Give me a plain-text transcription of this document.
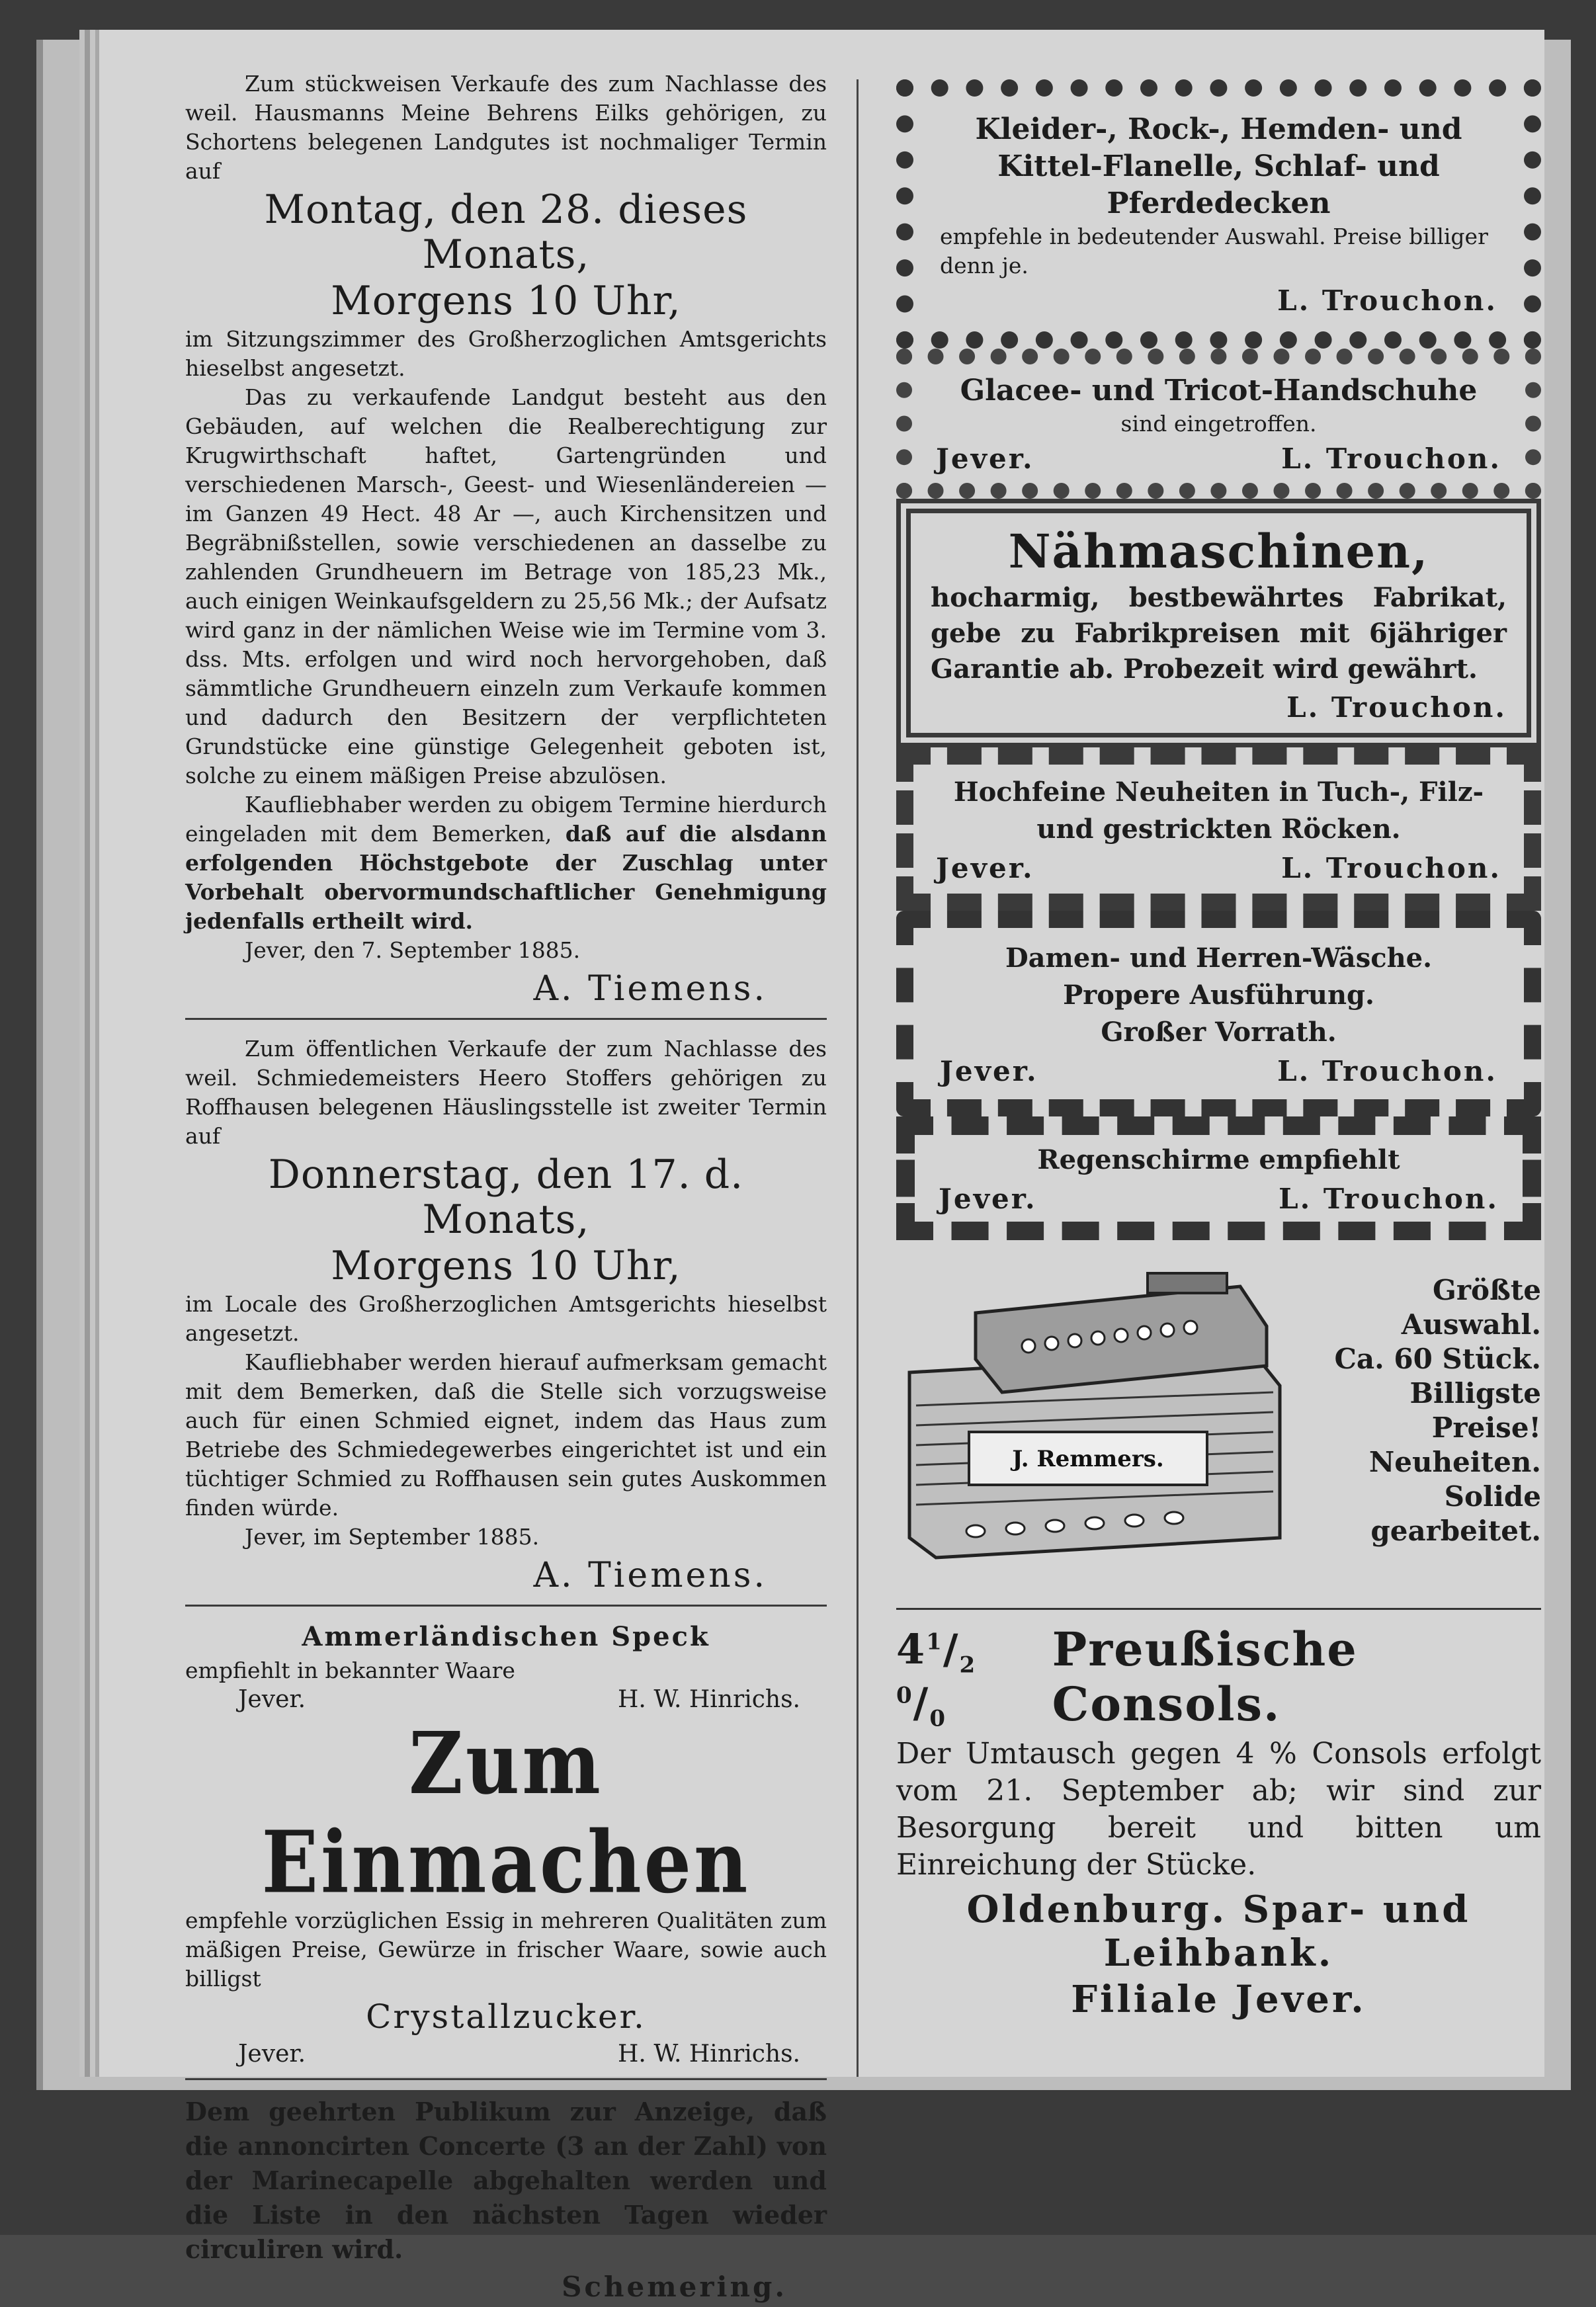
Zum stückweisen Verkaufe des zum Nachlasse des weil. Hausmanns Meine Behrens Eilks gehörigen, zu Schortens belegenen Landgutes ist nochmaliger Termin auf

Montag, den 28. dieses Monats,
Morgens 10 Uhr,

im Sitzungszimmer des Großherzoglichen Amtsgerichts hieselbst angesetzt.

Das zu verkaufende Landgut besteht aus den Gebäuden, auf welchen die Realberechtigung zur Krugwirthschaft haftet, Gartengründen und verschiedenen Marsch-, Geest- und Wiesenländereien — im Ganzen 49 Hect. 48 Ar —, auch Kirchensitzen und Begräbnißstellen, sowie verschiedenen an dasselbe zu zahlenden Grundheuern im Betrage von 185,23 Mk., auch einigen Weinkaufsgeldern zu 25,56 Mk.; der Aufsatz wird ganz in der nämlichen Weise wie im Termine vom 3. dss. Mts. erfolgen und wird noch hervorgehoben, daß sämmtliche Grundheuern einzeln zum Verkaufe kommen und dadurch den Besitzern der verpflichteten Grundstücke eine günstige Gelegenheit geboten ist, solche zu einem mäßigen Preise abzulösen.

Kaufliebhaber werden zu obigem Termine hierdurch eingeladen mit dem Bemerken, daß auf die alsdann erfolgenden Höchstgebote der Zuschlag unter Vorbehalt obervormundschaftlicher Genehmigung jedenfalls ertheilt wird.

Jever, den 7. September 1885.

A. Tiemens.

Zum öffentlichen Verkaufe der zum Nachlasse des weil. Schmiedemeisters Heero Stoffers gehörigen zu Roffhausen belegenen Häuslingsstelle ist zweiter Termin auf

Donnerstag, den 17. d. Monats,
Morgens 10 Uhr,

im Locale des Großherzoglichen Amtsgerichts hieselbst angesetzt.

Kaufliebhaber werden hierauf aufmerksam gemacht mit dem Bemerken, daß die Stelle sich vorzugsweise auch für einen Schmied eignet, indem das Haus zum Betriebe des Schmiedegewerbes eingerichtet ist und ein tüchtiger Schmied zu Roffhausen sein gutes Auskommen finden würde.

Jever, im September 1885.

A. Tiemens.
Ammerländischen Speck

empfiehlt in bekannter Waare

Jever.	H. W. Hinrichs.
Zum Einmachen

empfehle vorzüglichen Essig in mehreren Qualitäten zum mäßigen Preise, Gewürze in frischer Waare, sowie auch billigst

Crystallzucker.
Jever.	H. W. Hinrichs.

Dem geehrten Publikum zur Anzeige, daß die annoncirten Concerte (3 an der Zahl) von der Marinecapelle abgehalten werden und die Liste in den nächsten Tagen wieder circuliren wird.

Schemering.

Kleider-, Rock-, Hemden- und Kittel-Flanelle, Schlaf- und Pferdedecken

empfehle in bedeutender Auswahl. Preise billiger denn je.

L. Trouchon.

Glacee- und Tricot-Handschuhe

sind eingetroffen.

Jever.	L. Trouchon.
Nähmaschinen,

hocharmig, bestbewährtes Fabrikat, gebe zu Fabrikpreisen mit 6jähriger Garantie ab. Probezeit wird gewährt.

L. Trouchon.

Hochfeine Neuheiten in Tuch-, Filz- und gestrickten Röcken.

Jever.	L. Trouchon.

Damen- und Herren-Wäsche.

Propere Ausführung.

Großer Vorrath.

Jever.	L. Trouchon.

Regenschirme empfiehlt

Jever.	L. Trouchon.
J. Remmers.
Größte
Auswahl.
Ca. 60 Stück.
Billigste
Preise!
Neuheiten.
Solide
gearbeitet.
$4^1/_2$ $^0/_0$
Preußische Consols.

Der Umtausch gegen 4 % Consols erfolgt vom 21. September ab; wir sind zur Besorgung bereit und bitten um Einreichung der Stücke.

Oldenburg. Spar- und Leihbank.
Filiale Jever.
